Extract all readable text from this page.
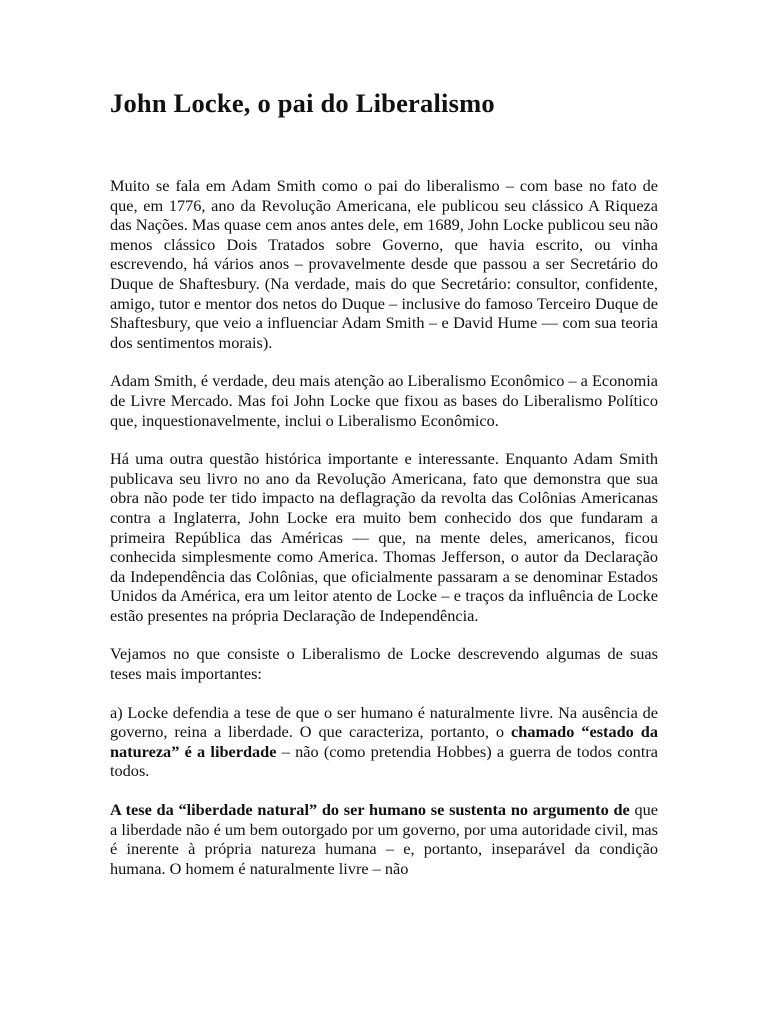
John Locke, o pai do Liberalismo

Muito se fala em Adam Smith como o pai do liberalismo – com base no fato de que, em 1776, ano da Revolução Americana, ele publicou seu clássico A Riqueza das Nações. Mas quase cem anos antes dele, em 1689, John Locke publicou seu não menos clássico Dois Tratados sobre Governo, que havia escrito, ou vinha escrevendo, há vários anos – provavelmente desde que passou a ser Secretário do Duque de Shaftesbury. (Na verdade, mais do que Secretário: consultor, confidente, amigo, tutor e mentor dos netos do Duque – inclusive do famoso Terceiro Duque de Shaftesbury, que veio a influenciar Adam Smith – e David Hume — com sua teoria dos sentimentos morais).

Adam Smith, é verdade, deu mais atenção ao Liberalismo Econômico – a Economia de Livre Mercado. Mas foi John Locke que fixou as bases do Liberalismo Político que, inquestionavelmente, inclui o Liberalismo Econômico.

Há uma outra questão histórica importante e interessante. Enquanto Adam Smith publicava seu livro no ano da Revolução Americana, fato que demonstra que sua obra não pode ter tido impacto na deflagração da revolta das Colônias Americanas contra a Inglaterra, John Locke era muito bem conhecido dos que fundaram a primeira República das Américas — que, na mente deles, americanos, ficou conhecida simplesmente como America. Thomas Jefferson, o autor da Declaração da Independência das Colônias, que oficialmente passaram a se denominar Estados Unidos da América, era um leitor atento de Locke – e traços da influência de Locke estão presentes na própria Declaração de Independência.

Vejamos no que consiste o Liberalismo de Locke descrevendo algumas de suas teses mais importantes:

a) Locke defendia a tese de que o ser humano é naturalmente livre. Na ausência de governo, reina a liberdade. O que caracteriza, portanto, o chamado “estado da natureza” é a liberdade – não (como pretendia Hobbes) a guerra de todos contra todos.

A tese da “liberdade natural” do ser humano se sustenta no argumento de que a liberdade não é um bem outorgado por um governo, por uma autoridade civil, mas é inerente à própria natureza humana – e, portanto, inseparável da condição humana. O homem é naturalmente livre – não
